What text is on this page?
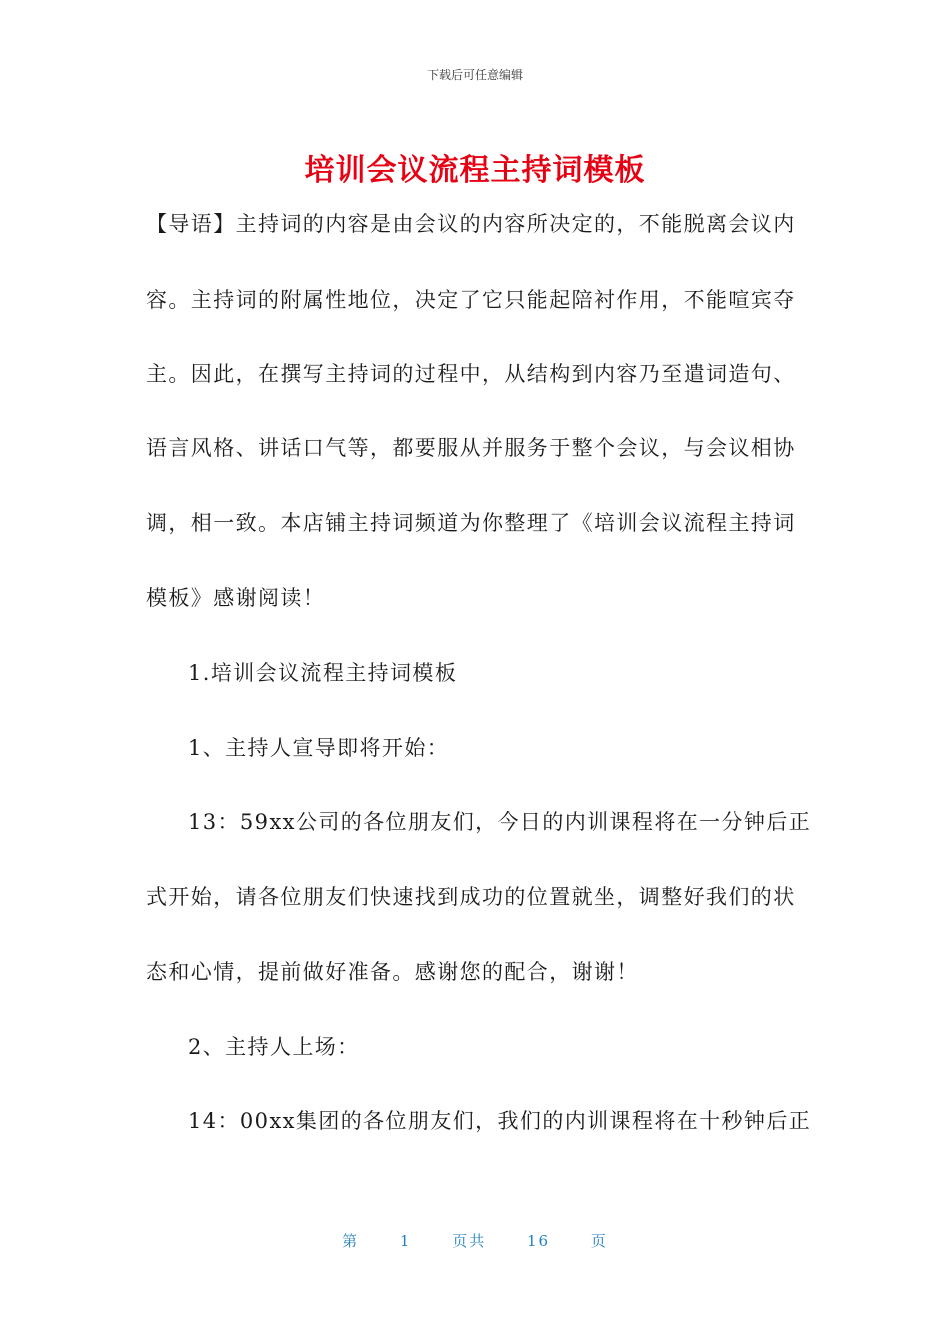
下载后可任意编辑
培训会议流程主持词模板
【导语】主持词的内容是由会议的内容所决定的，不能脱离会议内
容。主持词的附属性地位，决定了它只能起陪衬作用，不能喧宾夺
主。因此，在撰写主持词的过程中，从结构到内容乃至遣词造句、
语言风格、讲话口气等，都要服从并服务于整个会议，与会议相协
调，相一致。本店铺主持词频道为你整理了《培训会议流程主持词
模板》感谢阅读！
1.培训会议流程主持词模板
1、主持人宣导即将开始：
13：59xx公司的各位朋友们，今日的内训课程将在一分钟后正
式开始，请各位朋友们快速找到成功的位置就坐，调整好我们的状
态和心情，提前做好准备。感谢您的配合，谢谢！
2、主持人上场：
14：00xx集团的各位朋友们，我们的内训课程将在十秒钟后正
第	1	页共	16	页
